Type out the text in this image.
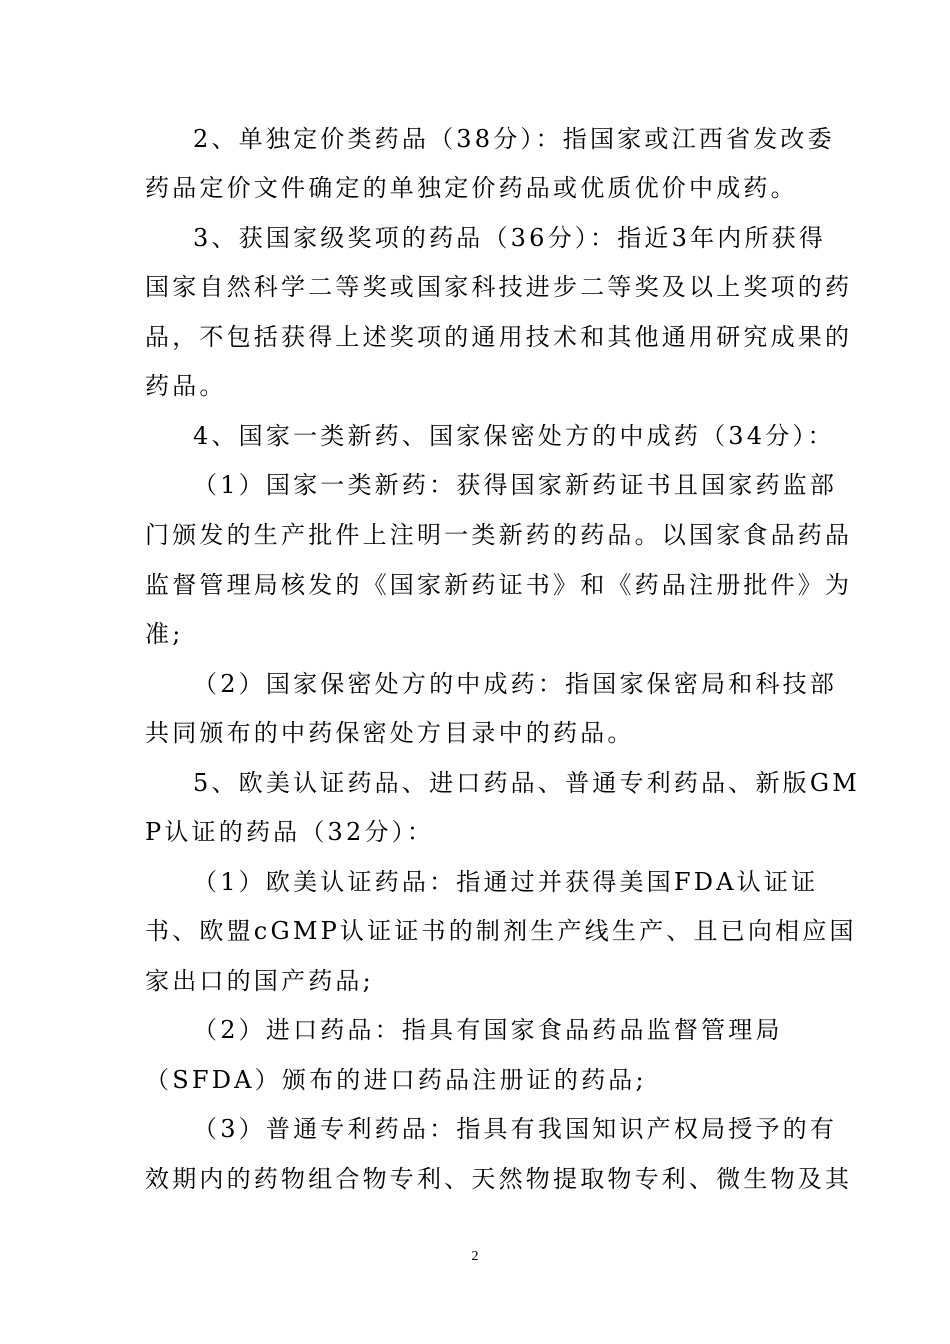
2、单独定价类药品（38分）：指国家或江西省发改委
药品定价文件确定的单独定价药品或优质优价中成药。
3、获国家级奖项的药品（36分）：指近3年内所获得
国家自然科学二等奖或国家科技进步二等奖及以上奖项的药
品，不包括获得上述奖项的通用技术和其他通用研究成果的
药品。
4、国家一类新药、国家保密处方的中成药（34分）：
（1）国家一类新药：获得国家新药证书且国家药监部
门颁发的生产批件上注明一类新药的药品。以国家食品药品
监督管理局核发的《国家新药证书》和《药品注册批件》为
准;
（2）国家保密处方的中成药：指国家保密局和科技部
共同颁布的中药保密处方目录中的药品。
5、欧美认证药品、进口药品、普通专利药品、新版GM
P认证的药品（32分）：
（1）欧美认证药品：指通过并获得美国FDA认证证
书、欧盟cGMP认证证书的制剂生产线生产、且已向相应国
家出口的国产药品;
（2）进口药品：指具有国家食品药品监督管理局
（SFDA）颁布的进口药品注册证的药品;
（3）普通专利药品：指具有我国知识产权局授予的有
效期内的药物组合物专利、天然物提取物专利、微生物及其
2
